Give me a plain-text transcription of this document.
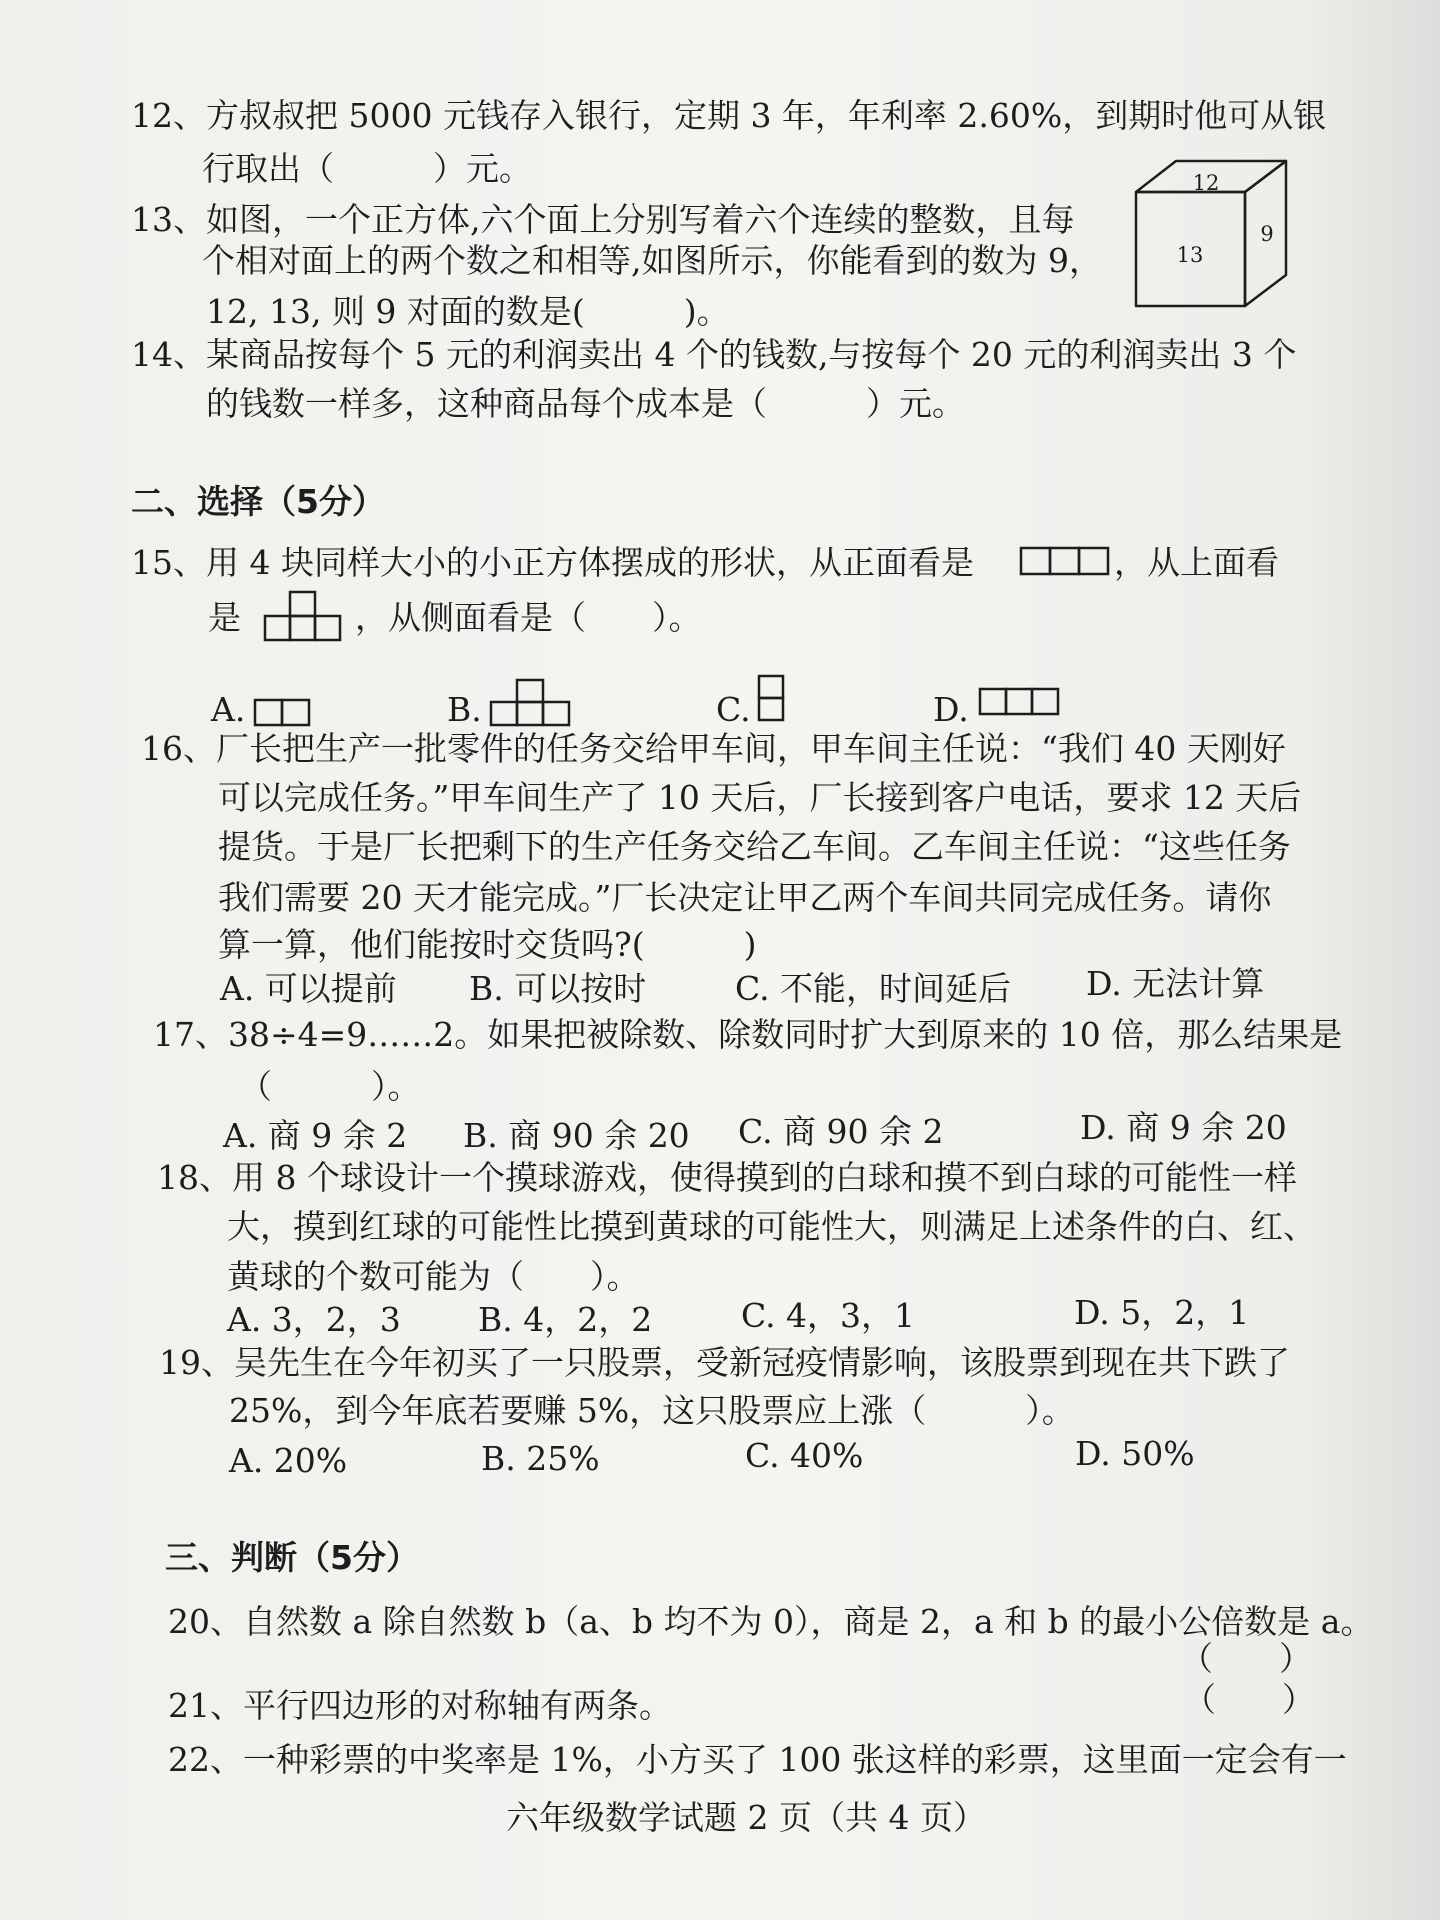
12、方叔叔把 5000 元钱存入银行，定期 3 年，年利率 2.60%，到期时他可从银
行取出（　　　）元。
13、如图，一个正方体,六个面上分别写着六个连续的整数，且每
个相对面上的两个数之和相等,如图所示，你能看到的数为 9，
12, 13, 则 9 对面的数是(　　　)。
12
13
9
14、某商品按每个 5 元的利润卖出 4 个的钱数,与按每个 20 元的利润卖出 3 个
的钱数一样多，这种商品每个成本是（　　　）元。
二、选择（5分）
15、用 4 块同样大小的小正方体摆成的形状，从正面看是	，从上面看
是	，从侧面看是（　　）。
A.	B.	C.	D.
16、厂长把生产一批零件的任务交给甲车间，甲车间主任说：“我们 40 天刚好
可以完成任务。”甲车间生产了 10 天后，厂长接到客户电话，要求 12 天后
提货。于是厂长把剩下的生产任务交给乙车间。乙车间主任说：“这些任务
我们需要 20 天才能完成。”厂长决定让甲乙两个车间共同完成任务。请你
算一算，他们能按时交货吗?(　　　)
A. 可以提前 B. 可以按时	C. 不能，时间延后 D. 无法计算
17、38÷4=9……2。如果把被除数、除数同时扩大到原来的 10 倍，那么结果是
（　　　）。
A. 商 9 余 2 B. 商 90 余 20 C. 商 90 余 2	D. 商 9 余 20
18、用 8 个球设计一个摸球游戏，使得摸到的白球和摸不到白球的可能性一样
大，摸到红球的可能性比摸到黄球的可能性大，则满足上述条件的白、红、
黄球的个数可能为（　　）。
A. 3，2，3 B. 4，2，2	C. 4，3，1	D. 5，2，1
19、吴先生在今年初买了一只股票，受新冠疫情影响，该股票到现在共下跌了
25%，到今年底若要赚 5%，这只股票应上涨（　　　）。
A. 20%	B. 25%	C. 40%	D. 50%
三、判断（5分）
20、自然数 a 除自然数 b（a、b 均不为 0），商是 2，a 和 b 的最小公倍数是 a。
（　　）
21、平行四边形的对称轴有两条。	（　　）
22、一种彩票的中奖率是 1%，小方买了 100 张这样的彩票，这里面一定会有一
六年级数学试题 2 页（共 4 页）
